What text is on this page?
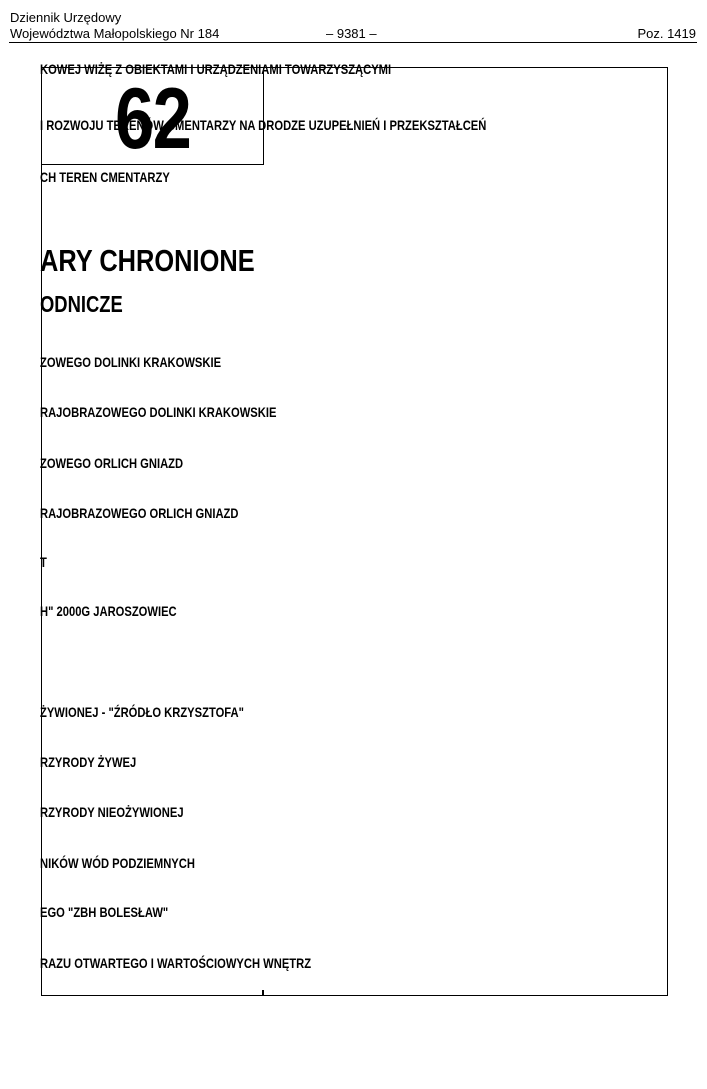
Dziennik Urzędowy
Województwa Małopolskiego Nr 184	– 9381 –	Poz. 1419
KOWEJ WIŻĘ Z OBIEKTAMI I URZĄDZENIAMI TOWARZYSZĄCYMI
I ROZWOJU TERENÓW CMENTARZY NA DRODZE UZUPEŁNIEŃ I PRZEKSZTAŁCEŃ
CH TEREN CMENTARZY
ARY CHRONIONE
ODNICZE
ZOWEGO DOLINKI KRAKOWSKIE
RAJOBRAZOWEGO DOLINKI KRAKOWSKIE
ZOWEGO ORLICH GNIAZD
RAJOBRAZOWEGO ORLICH GNIAZD
T
H" 2000G JAROSZOWIEC
ŻYWIONEJ - "ŹRÓDŁO KRZYSZTOFA"
RZYRODY ŻYWEJ
RZYRODY NIEOŻYWIONEJ
NIKÓW WÓD PODZIEMNYCH
EGO "ZBH BOLESŁAW"
RAZU OTWARTEGO I WARTOŚCIOWYCH WNĘTRZ
62
